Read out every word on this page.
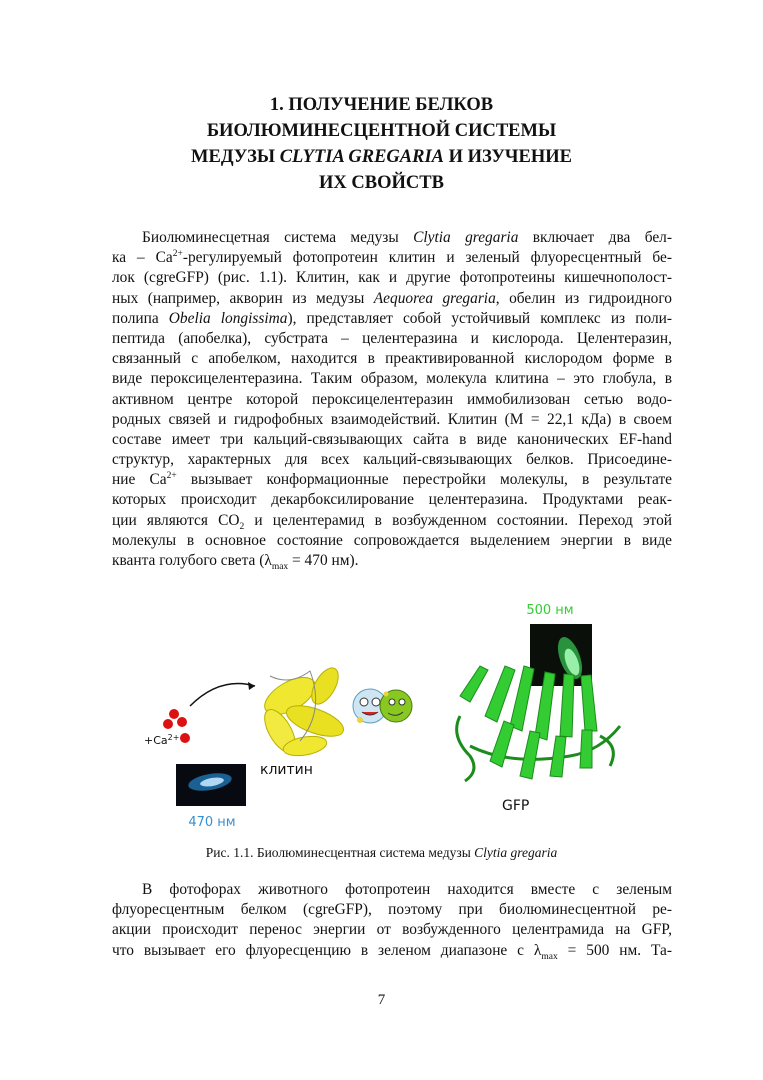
1. ПОЛУЧЕНИЕ БЕЛКОВ
БИОЛЮМИНЕСЦЕНТНОЙ СИСТЕМЫ
МЕДУЗЫ CLYTIA GREGARIA И ИЗУЧЕНИЕ
ИХ СВОЙСТВ
Биолюминесцетная система медузы Clytia gregaria включает два бел-
ка – $Са^{2+}$-регулируемый фотопротеин клитин и зеленый флуоресцентный бе-
лок (cgreGFP) (рис. 1.1). Клитин, как и другие фотопротеины кишечнополост-
ных (например, акворин из медузы Aequorea gregaria, обелин из гидроидного
полипа Obelia longissima), представляет собой устойчивый комплекс из поли-
пептида (апобелка), субстрата – целентеразина и кислорода. Целентеразин,
связанный с апобелком, находится в преактивированной кислородом форме в
виде пероксицелентеразина. Таким образом, молекула клитина – это глобула, в
активном центре которой пероксицелентеразин иммобилизован сетью водо-
родных связей и гидрофобных взаимодействий. Клитин (М = 22,1 кДа) в своем
составе имеет три кальций-связывающих сайта в виде канонических EF-hand
структур, характерных для всех кальций-связывающих белков. Присоедине-
ние $Са^{2+}$ вызывает конформационные перестройки молекулы, в результате
которых происходит декарбоксилирование целентеразина. Продуктами реак-
ции являются $СО_2$ и целентерамид в возбужденном состоянии. Переход этой
молекулы в основное состояние сопровождается выделением энергии в виде
кванта голубого света ($\lambda_{max} = 470$ нм).
500 нм
$+Ca^{2+}$
клитин
470 нм
GFP
Рис. 1.1. Биолюминесцентная система медузы Clytia gregaria
В фотофорах животного фотопротеин находится вместе с зеленым
флуоресцентным белком (cgreGFP), поэтому при биолюминесцентной ре-
акции происходит перенос энергии от возбужденного целентрамида на GFP,
что вызывает его флуоресценцию в зеленом диапазоне с $\lambda_{max} = 500$ нм. Та-
7
